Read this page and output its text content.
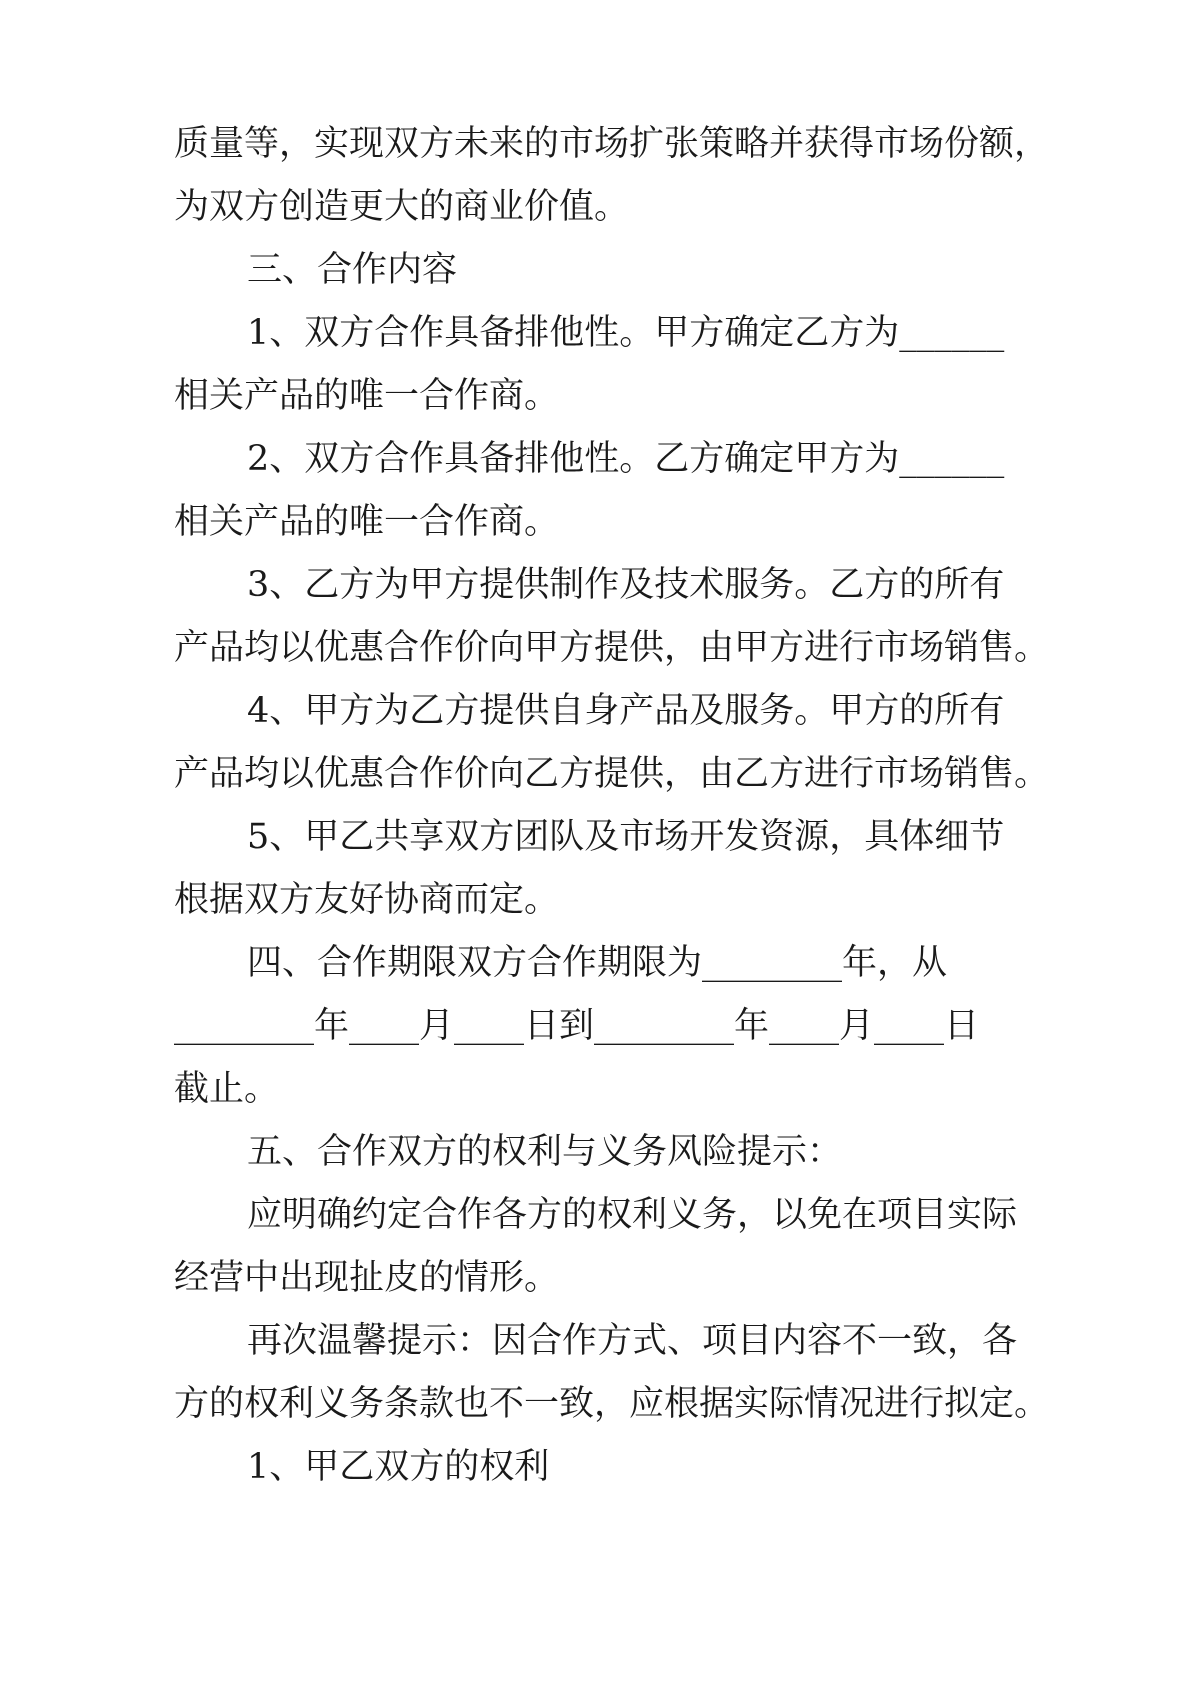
质量等，实现双方未来的市场扩张策略并获得市场份额，
为双方创造更大的商业价值。
三、合作内容
1、双方合作具备排他性。甲方确定乙方为______
相关产品的唯一合作商。
2、双方合作具备排他性。乙方确定甲方为______
相关产品的唯一合作商。
3、乙方为甲方提供制作及技术服务。乙方的所有
产品均以优惠合作价向甲方提供，由甲方进行市场销售。
4、甲方为乙方提供自身产品及服务。甲方的所有
产品均以优惠合作价向乙方提供，由乙方进行市场销售。
5、甲乙共享双方团队及市场开发资源，具体细节
根据双方友好协商而定。
四、合作期限双方合作期限为________年，从
________年____月____日到________年____月____日
截止。
五、合作双方的权利与义务风险提示：
应明确约定合作各方的权利义务，以免在项目实际
经营中出现扯皮的情形。
再次温馨提示：因合作方式、项目内容不一致，各
方的权利义务条款也不一致，应根据实际情况进行拟定。
1、甲乙双方的权利
